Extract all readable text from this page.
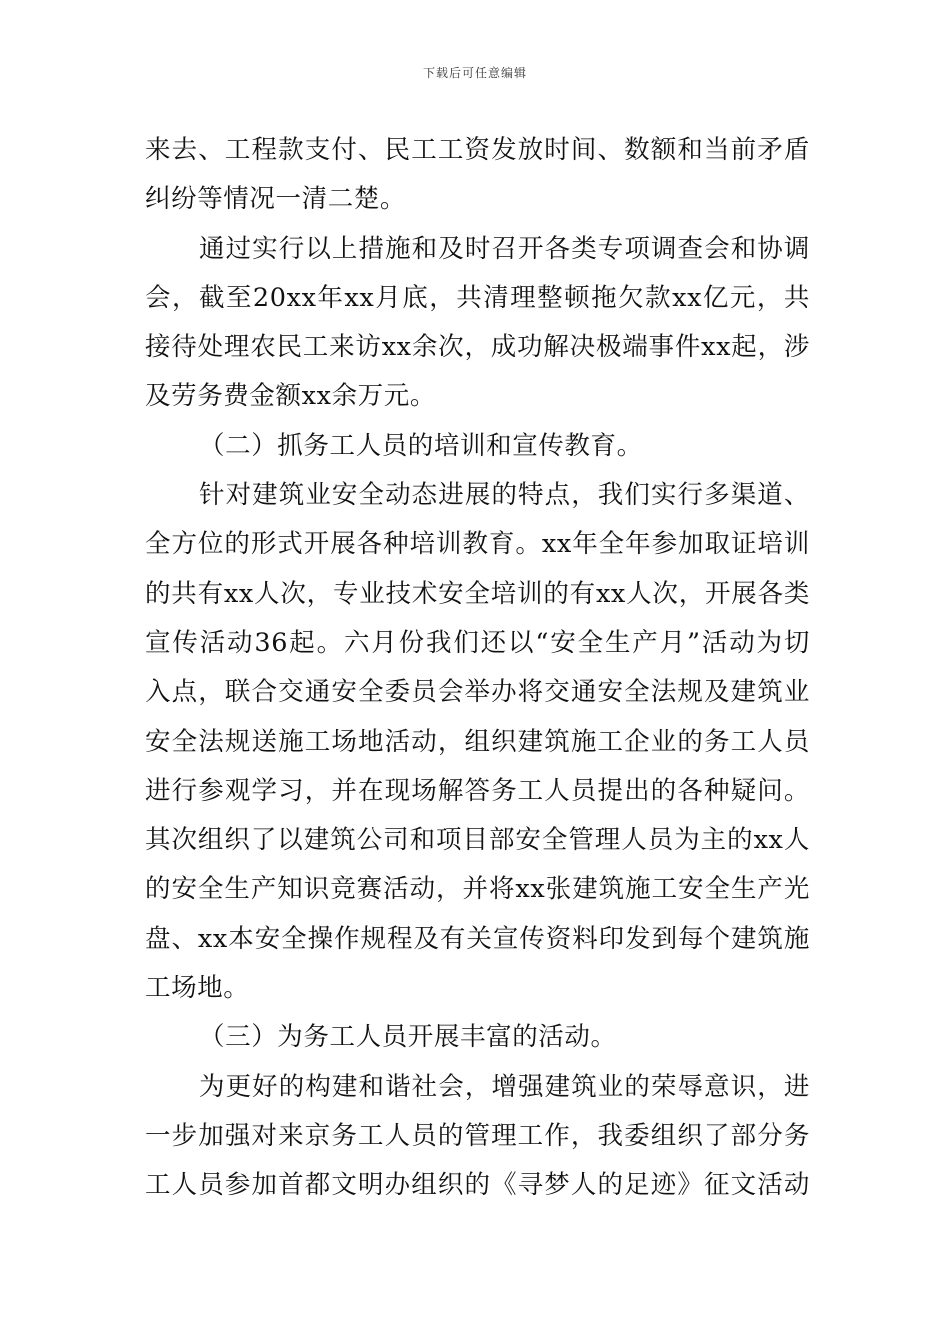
下载后可任意编辑
来去、工程款支付、民工工资发放时间、数额和当前矛盾
纠纷等情况一清二楚。
通过实行以上措施和及时召开各类专项调查会和协调
会，截至20xx年xx月底，共清理整顿拖欠款xx亿元，共
接待处理农民工来访xx余次，成功解决极端事件xx起，涉
及劳务费金额xx余万元。
（二）抓务工人员的培训和宣传教育。
针对建筑业安全动态进展的特点，我们实行多渠道、
全方位的形式开展各种培训教育。xx年全年参加取证培训
的共有xx人次，专业技术安全培训的有xx人次，开展各类
宣传活动36起。六月份我们还以“安全生产月”活动为切
入点，联合交通安全委员会举办将交通安全法规及建筑业
安全法规送施工场地活动，组织建筑施工企业的务工人员
进行参观学习，并在现场解答务工人员提出的各种疑问。
其次组织了以建筑公司和项目部安全管理人员为主的xx人
的安全生产知识竞赛活动，并将xx张建筑施工安全生产光
盘、xx本安全操作规程及有关宣传资料印发到每个建筑施
工场地。
（三）为务工人员开展丰富的活动。
为更好的构建和谐社会，增强建筑业的荣辱意识，进
一步加强对来京务工人员的管理工作，我委组织了部分务
工人员参加首都文明办组织的《寻梦人的足迹》征文活动
